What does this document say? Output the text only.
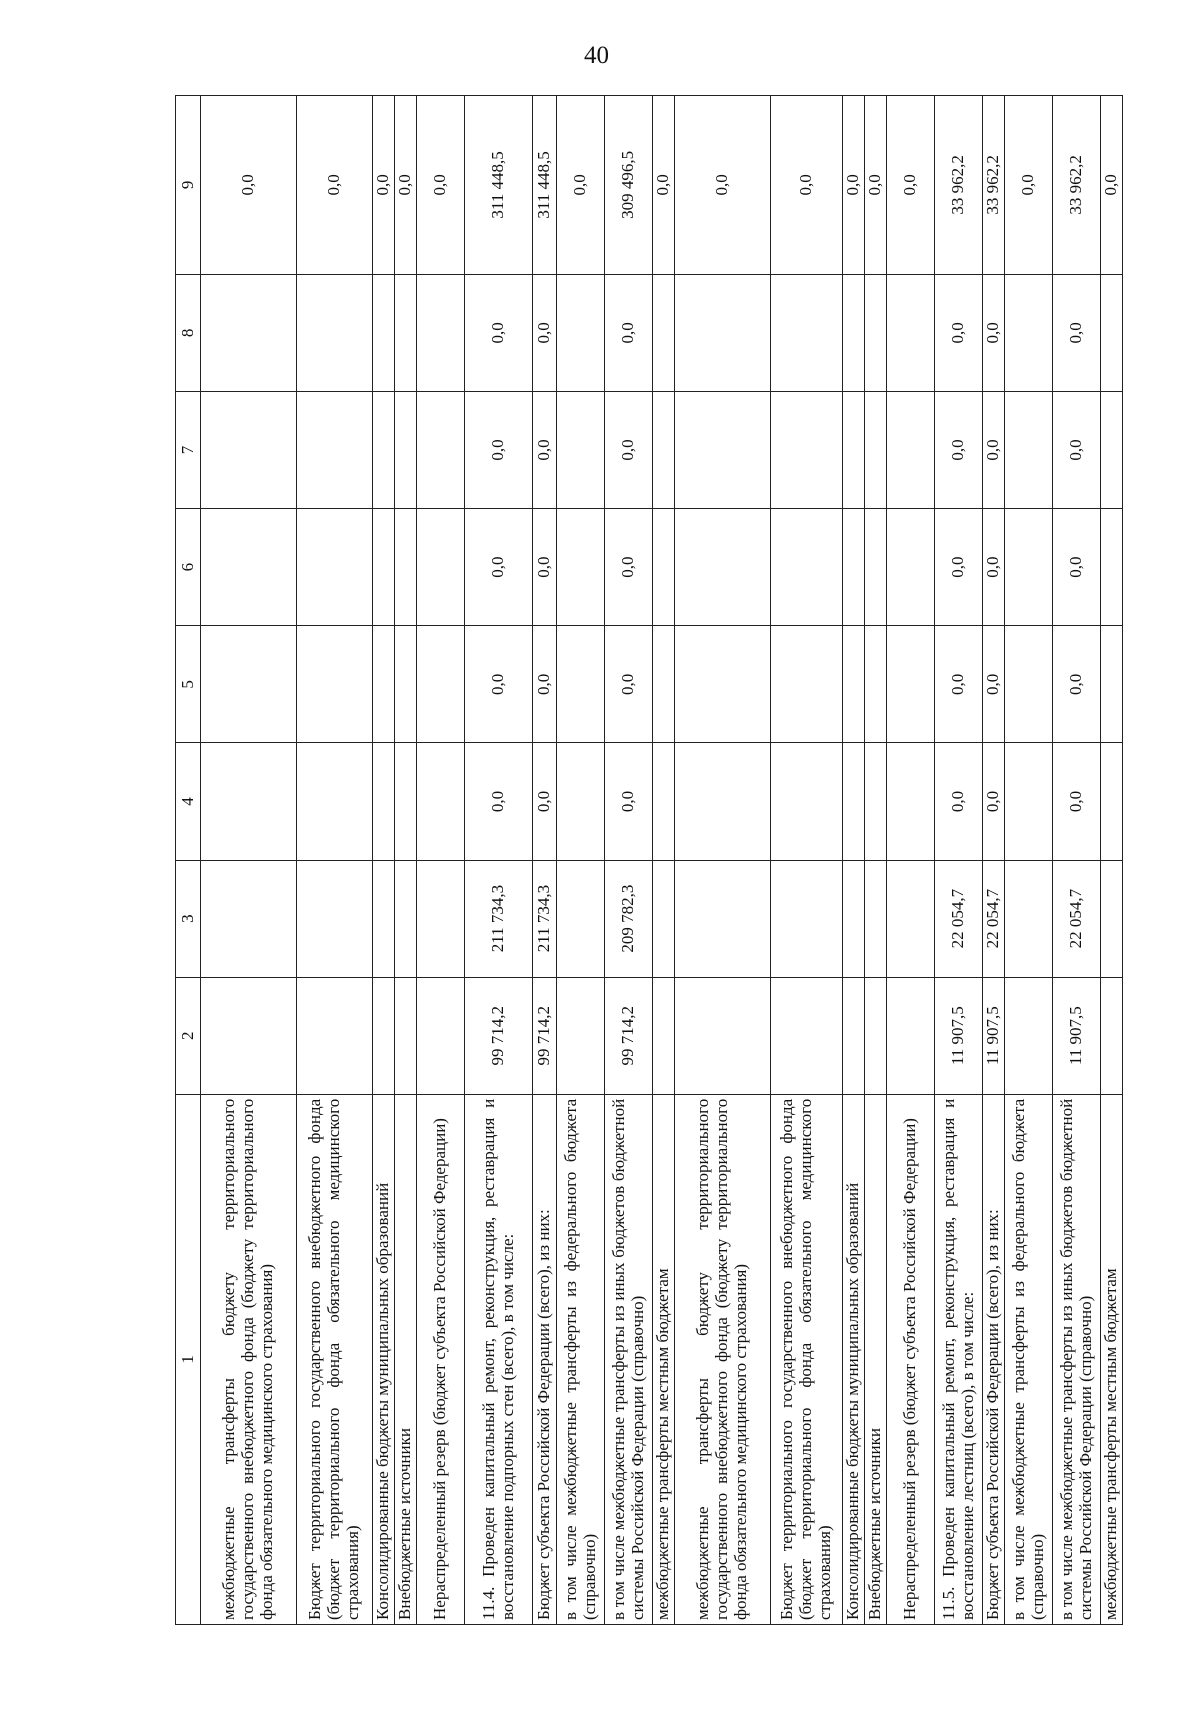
40
1	2	3	4	5	6	7	8	9
межбюджетные трансферты бюджету территориального государственного внебюджетного фонда (бюджету территориального фонда обязательного медицинского страхования)								0,0
Бюджет территориального государственного внебюджетного фонда (бюджет территориального фонда обязательного медицинского страхования)								0,0
Консолидированные бюджеты муниципальных образований								0,0
Внебюджетные источники								0,0
Нераспределенный резерв (бюджет субъекта Российской Федерации)								0,0
11.4. Проведен капитальный ремонт, реконструкция, реставрация и восстановление подпорных стен (всего), в том числе:	99 714,2	211 734,3	0,0	0,0	0,0	0,0	0,0	311 448,5
Бюджет субъекта Российской Федерации (всего), из них:	99 714,2	211 734,3	0,0	0,0	0,0	0,0	0,0	311 448,5
в том числе межбюджетные трансферты из федерального бюджета (справочно)								0,0
в том числе межбюджетные трансферты из иных бюджетов бюджетной системы Российской Федерации (справочно)	99 714,2	209 782,3	0,0	0,0	0,0	0,0	0,0	309 496,5
межбюджетные трансферты местным бюджетам								0,0
межбюджетные трансферты бюджету территориального государственного внебюджетного фонда (бюджету территориального фонда обязательного медицинского страхования)								0,0
Бюджет территориального государственного внебюджетного фонда (бюджет территориального фонда обязательного медицинского страхования)								0,0
Консолидированные бюджеты муниципальных образований								0,0
Внебюджетные источники								0,0
Нераспределенный резерв (бюджет субъекта Российской Федерации)								0,0
11.5. Проведен капитальный ремонт, реконструкция, реставрация и восстановление лестниц (всего), в том числе:	11 907,5	22 054,7	0,0	0,0	0,0	0,0	0,0	33 962,2
Бюджет субъекта Российской Федерации (всего), из них:	11 907,5	22 054,7	0,0	0,0	0,0	0,0	0,0	33 962,2
в том числе межбюджетные трансферты из федерального бюджета (справочно)								0,0
в том числе межбюджетные трансферты из иных бюджетов бюджетной системы Российской Федерации (справочно)	11 907,5	22 054,7	0,0	0,0	0,0	0,0	0,0	33 962,2
межбюджетные трансферты местным бюджетам								0,0
